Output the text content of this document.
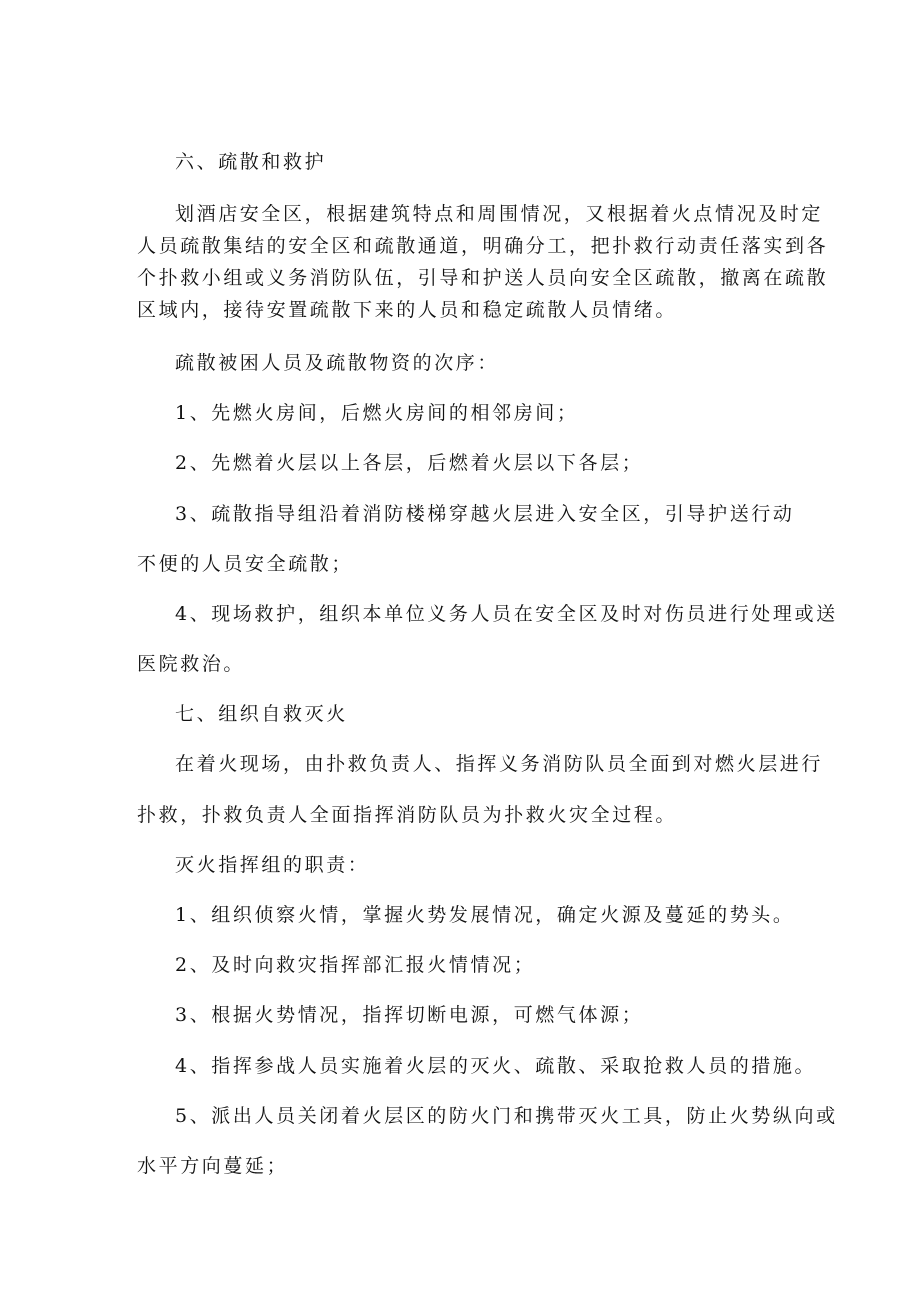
六、疏散和救护
划酒店安全区，根据建筑特点和周围情况，又根据着火点情况及时定
人员疏散集结的安全区和疏散通道，明确分工，把扑救行动责任落实到各
个扑救小组或义务消防队伍，引导和护送人员向安全区疏散，撤离在疏散
区域内，接待安置疏散下来的人员和稳定疏散人员情绪。
疏散被困人员及疏散物资的次序：
1、先燃火房间，后燃火房间的相邻房间；
2、先燃着火层以上各层，后燃着火层以下各层；
3、疏散指导组沿着消防楼梯穿越火层进入安全区，引导护送行动
不便的人员安全疏散；
4、现场救护，组织本单位义务人员在安全区及时对伤员进行处理或送
医院救治。
七、组织自救灭火
在着火现场，由扑救负责人、指挥义务消防队员全面到对燃火层进行
扑救，扑救负责人全面指挥消防队员为扑救火灾全过程。
灭火指挥组的职责：
1、组织侦察火情，掌握火势发展情况，确定火源及蔓延的势头。
2、及时向救灾指挥部汇报火情情况；
3、根据火势情况，指挥切断电源，可燃气体源；
4、指挥参战人员实施着火层的灭火、疏散、采取抢救人员的措施。
5、派出人员关闭着火层区的防火门和携带灭火工具，防止火势纵向或
水平方向蔓延；
